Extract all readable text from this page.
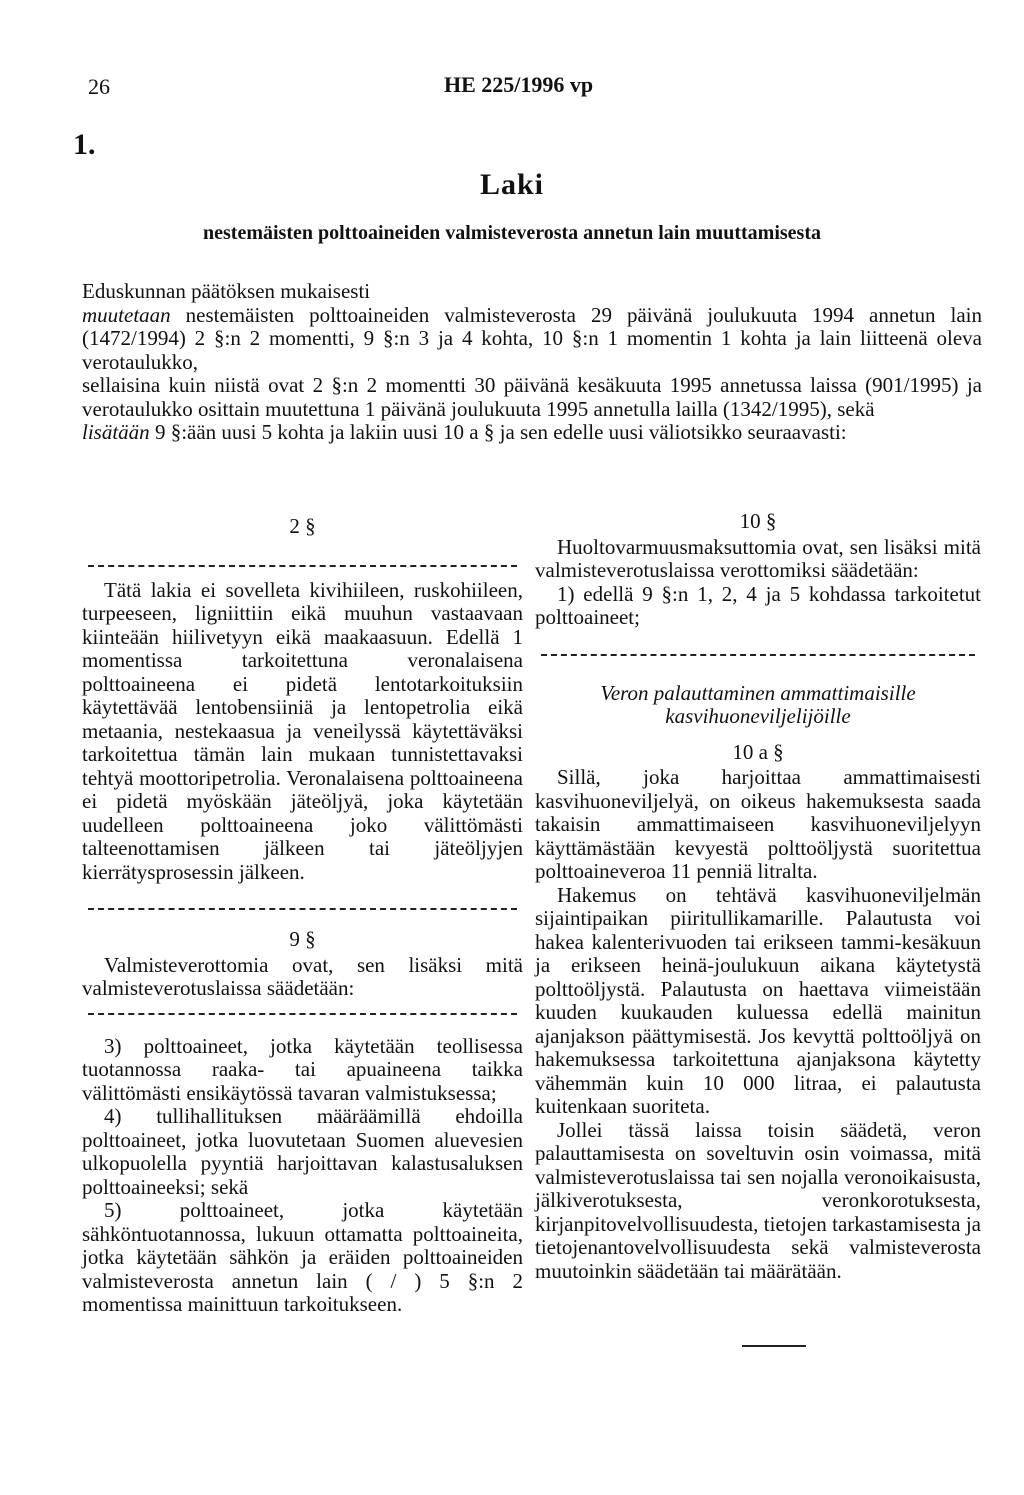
26	HE 225/1996 vp
1.
Laki
nestemäisten polttoaineiden valmisteverosta annetun lain muuttamisesta

Eduskunnan päätöksen mukaisesti

muutetaan nestemäisten polttoaineiden valmisteverosta 29 päivänä joulukuuta 1994 annetun lain (1472/1994) 2 §:n 2 momentti, 9 §:n 3 ja 4 kohta, 10 §:n 1 momentin 1 kohta ja lain liitteenä oleva verotaulukko,

sellaisina kuin niistä ovat 2 §:n 2 momentti 30 päivänä kesäkuuta 1995 annetussa laissa (901/1995) ja verotaulukko osittain muutettuna 1 päivänä joulukuuta 1995 annetulla lailla (1342/1995), sekä

lisätään 9 §:ään uusi 5 kohta ja lakiin uusi 10 a § ja sen edelle uusi väliotsikko seuraavasti:

2 §

Tätä lakia ei sovelleta kivihiileen, ruskohiileen, turpeeseen, ligniittiin eikä muuhun vastaavaan kiinteään hiilivetyyn eikä maakaasuun. Edellä 1 momentissa tarkoitettuna veronalaisena polttoaineena ei pidetä lentotarkoituksiin käytettävää lentobensiiniä ja lentopetrolia eikä metaania, nestekaasua ja veneilyssä käytettäväksi tarkoitettua tämän lain mukaan tunnistettavaksi tehtyä moottoripetrolia. Veronalaisena polttoaineena ei pidetä myöskään jäteöljyä, joka käytetään uudelleen polttoaineena joko välittömästi talteenottamisen jälkeen tai jäteöljyjen kierrätysprosessin jälkeen.

9 §

Valmisteverottomia ovat, sen lisäksi mitä valmisteverotuslaissa säädetään:

3) polttoaineet, jotka käytetään teollisessa tuotannossa raaka- tai apuaineena taikka välittömästi ensikäytössä tavaran valmistuksessa;

4) tullihallituksen määräämillä ehdoilla polttoaineet, jotka luovutetaan Suomen aluevesien ulkopuolella pyyntiä harjoittavan kalastusaluksen polttoaineeksi; sekä

5) polttoaineet, jotka käytetään sähköntuotannossa, lukuun ottamatta polttoaineita, jotka käytetään sähkön ja eräiden polttoaineiden valmisteverosta annetun lain ( / ) 5 §:n 2 momentissa mainittuun tarkoitukseen.

10 §

Huoltovarmuusmaksuttomia ovat, sen lisäksi mitä valmisteverotuslaissa verottomiksi säädetään:

1) edellä 9 §:n 1, 2, 4 ja 5 kohdassa tarkoitetut polttoaineet;

Veron palauttaminen ammattimaisille kasvihuoneviljelijöille

10 a §

Sillä, joka harjoittaa ammattimaisesti kasvihuoneviljelyä, on oikeus hakemuksesta saada takaisin ammattimaiseen kasvihuoneviljelyyn käyttämästään kevyestä polttoöljystä suoritettua polttoaineveroa 11 penniä litralta.

Hakemus on tehtävä kasvihuoneviljelmän sijaintipaikan piiritullikamarille. Palautusta voi hakea kalenterivuoden tai erikseen tammi-kesäkuun ja erikseen heinä-joulukuun aikana käytetystä polttoöljystä. Palautusta on haettava viimeistään kuuden kuukauden kuluessa edellä mainitun ajanjakson päättymisestä. Jos kevyttä polttoöljyä on hakemuksessa tarkoitettuna ajanjaksona käytetty vähemmän kuin 10 000 litraa, ei palautusta kuitenkaan suoriteta.

Jollei tässä laissa toisin säädetä, veron palauttamisesta on soveltuvin osin voimassa, mitä valmisteverotuslaissa tai sen nojalla veronoikaisusta, jälkiverotuksesta, veronkorotuksesta, kirjanpitovelvollisuudesta, tietojen tarkastamisesta ja tietojenantovelvollisuudesta sekä valmisteverosta muutoinkin säädetään tai määrätään.
